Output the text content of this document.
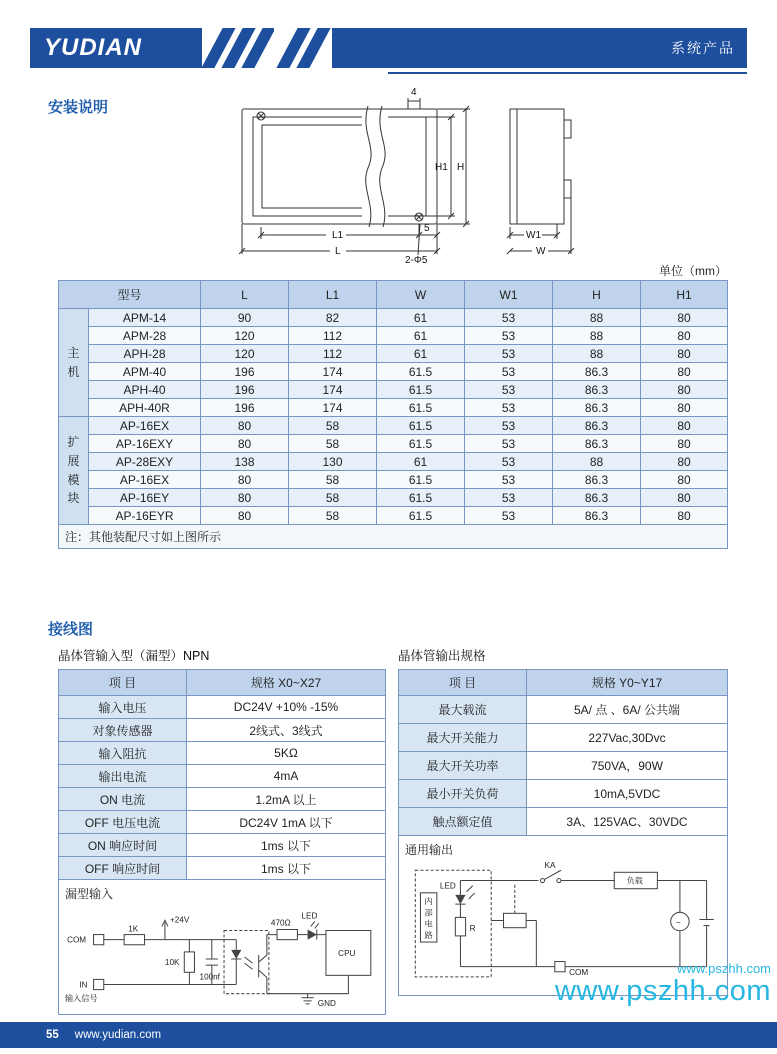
YUDIAN	系统产品
安装说明
4
H1 H
L1
5
L
2-Φ5
W1
W
单位（mm）
型号		L	L1	W	W1	H	H1
主机	APM-14	90	82	61	53	88	80
	APM-28	120	112	61	53	88	80
	APH-28	120	112	61	53	88	80
	APM-40	196	174	61.5	53	86.3	80
	APH-40	196	174	61.5	53	86.3	80
	APH-40R	196	174	61.5	53	86.3	80
扩展模块	AP-16EX	80	58	61.5	53	86.3	80
	AP-16EXY	80	58	61.5	53	86.3	80
	AP-28EXY	138	130	61	53	88	80
	AP-16EX	80	58	61.5	53	86.3	80
	AP-16EY	80	58	61.5	53	86.3	80
	AP-16EYR	80	58	61.5	53	86.3	80
注：其他装配尺寸如上图所示							
接线图
晶体管输入型（漏型）NPN
项 目	规格 X0~X27
输入电压	DC24V +10% -15%
对象传感器	2线式、3线式
输入阻抗	5KΩ
输出电流	4mA
ON 电流	1.2mA 以上
OFF 电压电流	DC24V 1mA 以下
ON 响应时间	1ms 以下
OFF 响应时间	1ms 以下
漏型输入
COM
IN
输入信号
1K
+24V
10K
100nf
470Ω
LED
CPU
GND
晶体管输出规格
项 目	规格 Y0~Y17
最大载流	5A/ 点 、6A/ 公共端
最大开关能力	227Vac,30Dvc
最大开关功率	750VA，90W
最小开关负荷	10mA,5VDC
触点额定值	3A、125VAC、30VDC
通用输出
内部电路
LED
R
KA
负载
~
COM	www.pszhh.com
www.pszhh.com
55 www.yudian.com
